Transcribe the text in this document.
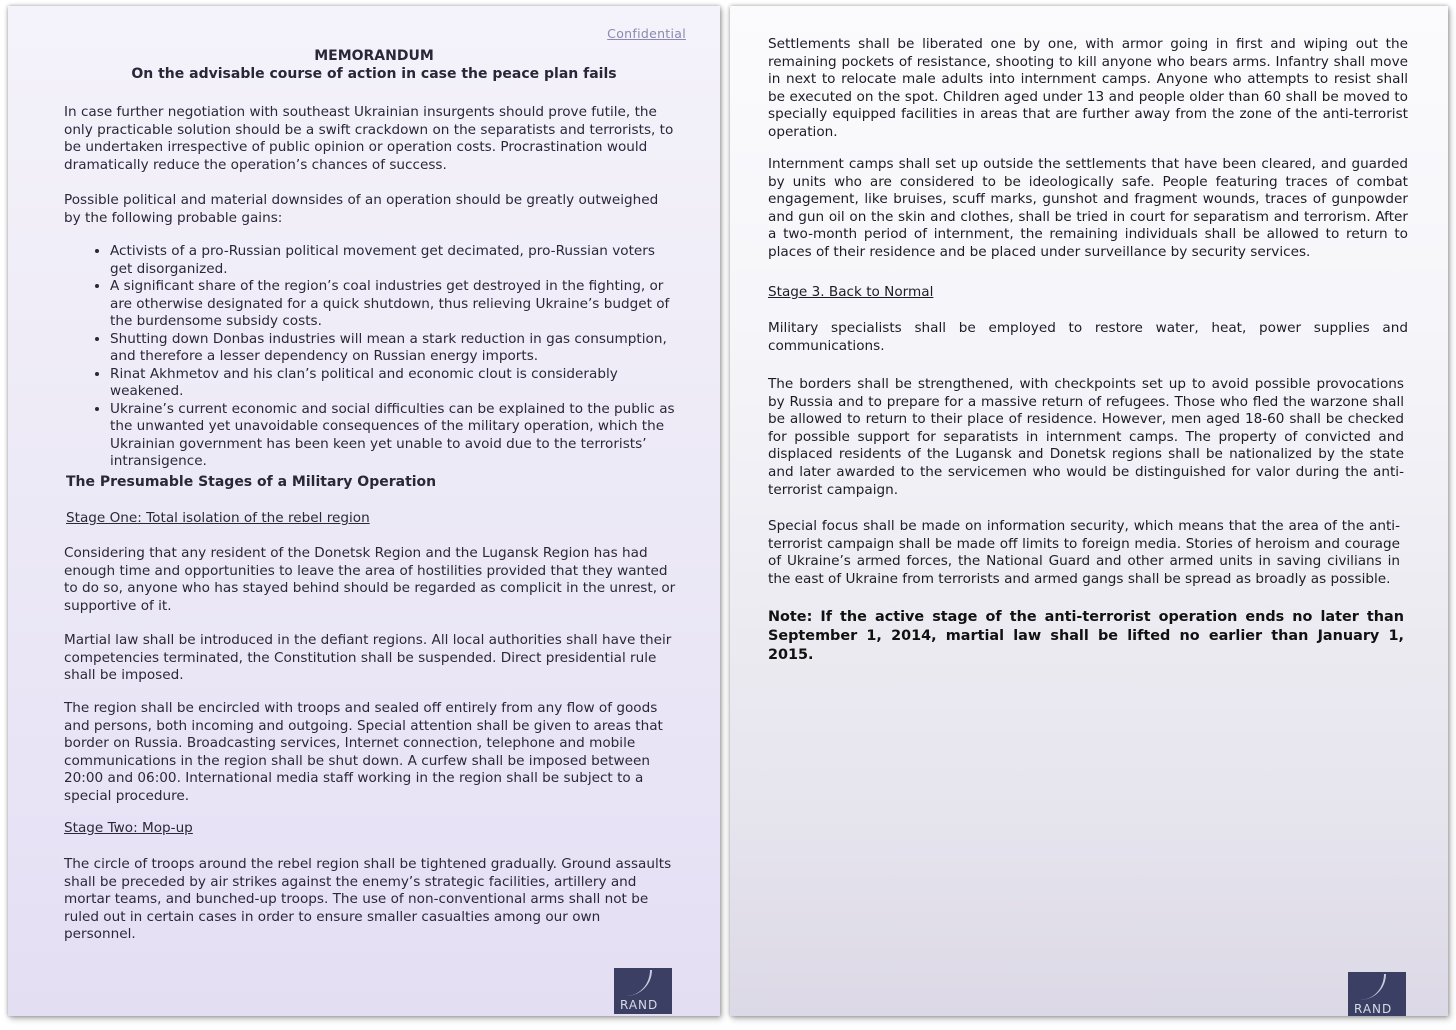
Confidential
MEMORANDUM
On the advisable course of action in case the peace plan fails

In case further negotiation with southeast Ukrainian insurgents should prove futile, the only practicable solution should be a swift crackdown on the separatists and terrorists, to be undertaken irrespective of public opinion or operation costs. Procrastination would dramatically reduce the operation’s chances of success.

Possible political and material downsides of an operation should be greatly outweighed by the following probable gains:

• Activists of a pro-Russian political movement get decimated, pro-Russian voters get disorganized.
• A significant share of the region’s coal industries get destroyed in the fighting, or are otherwise designated for a quick shutdown, thus relieving Ukraine’s budget of the burdensome subsidy costs.
• Shutting down Donbas industries will mean a stark reduction in gas consumption, and therefore a lesser dependency on Russian energy imports.
• Rinat Akhmetov and his clan’s political and economic clout is considerably weakened.
• Ukraine’s current economic and social difficulties can be explained to the public as the unwanted yet unavoidable consequences of the military operation, which the Ukrainian government has been keen yet unable to avoid due to the terrorists’ intransigence.
The Presumable Stages of a Military Operation
Stage One: Total isolation of the rebel region

Considering that any resident of the Donetsk Region and the Lugansk Region has had enough time and opportunities to leave the area of hostilities provided that they wanted to do so, anyone who has stayed behind should be regarded as complicit in the unrest, or supportive of it.

Martial law shall be introduced in the defiant regions. All local authorities shall have their competencies terminated, the Constitution shall be suspended. Direct presidential rule shall be imposed.

The region shall be encircled with troops and sealed off entirely from any flow of goods and persons, both incoming and outgoing. Special attention shall be given to areas that border on Russia. Broadcasting services, Internet connection, telephone and mobile communications in the region shall be shut down. A curfew shall be imposed between 20:00 and 06:00. International media staff working in the region shall be subject to a special procedure.

Stage Two: Mop-up

The circle of troops around the rebel region shall be tightened gradually. Ground assaults shall be preceded by air strikes against the enemy’s strategic facilities, artillery and mortar teams, and bunched-up troops. The use of non-conventional arms shall not be ruled out in certain cases in order to ensure smaller casualties among our own personnel.

RAND

Settlements shall be liberated one by one, with armor going in first and wiping out the remaining pockets of resistance, shooting to kill anyone who bears arms. Infantry shall move in next to relocate male adults into internment camps. Anyone who attempts to resist shall be executed on the spot. Children aged under 13 and people older than 60 shall be moved to specially equipped facilities in areas that are further away from the zone of the anti-terrorist operation.

Internment camps shall set up outside the settlements that have been cleared, and guarded by units who are considered to be ideologically safe. People featuring traces of combat engagement, like bruises, scuff marks, gunshot and fragment wounds, traces of gunpowder and gun oil on the skin and clothes, shall be tried in court for separatism and terrorism. After a two-month period of internment, the remaining individuals shall be allowed to return to places of their residence and be placed under surveillance by security services.

Stage 3. Back to Normal

Military specialists shall be employed to restore water, heat, power supplies and communications.

The borders shall be strengthened, with checkpoints set up to avoid possible provocations by Russia and to prepare for a massive return of refugees. Those who fled the warzone shall be allowed to return to their place of residence. However, men aged 18-60 shall be checked for possible support for separatists in internment camps. The property of convicted and displaced residents of the Lugansk and Donetsk regions shall be nationalized by the state and later awarded to the servicemen who would be distinguished for valor during the anti-terrorist campaign.

Special focus shall be made on information security, which means that the area of the anti-terrorist campaign shall be made off limits to foreign media. Stories of heroism and courage of Ukraine’s armed forces, the National Guard and other armed units in saving civilians in the east of Ukraine from terrorists and armed gangs shall be spread as broadly as possible.

Note: If the active stage of the anti-terrorist operation ends no later than September 1, 2014, martial law shall be lifted no earlier than January 1, 2015.

RAND
